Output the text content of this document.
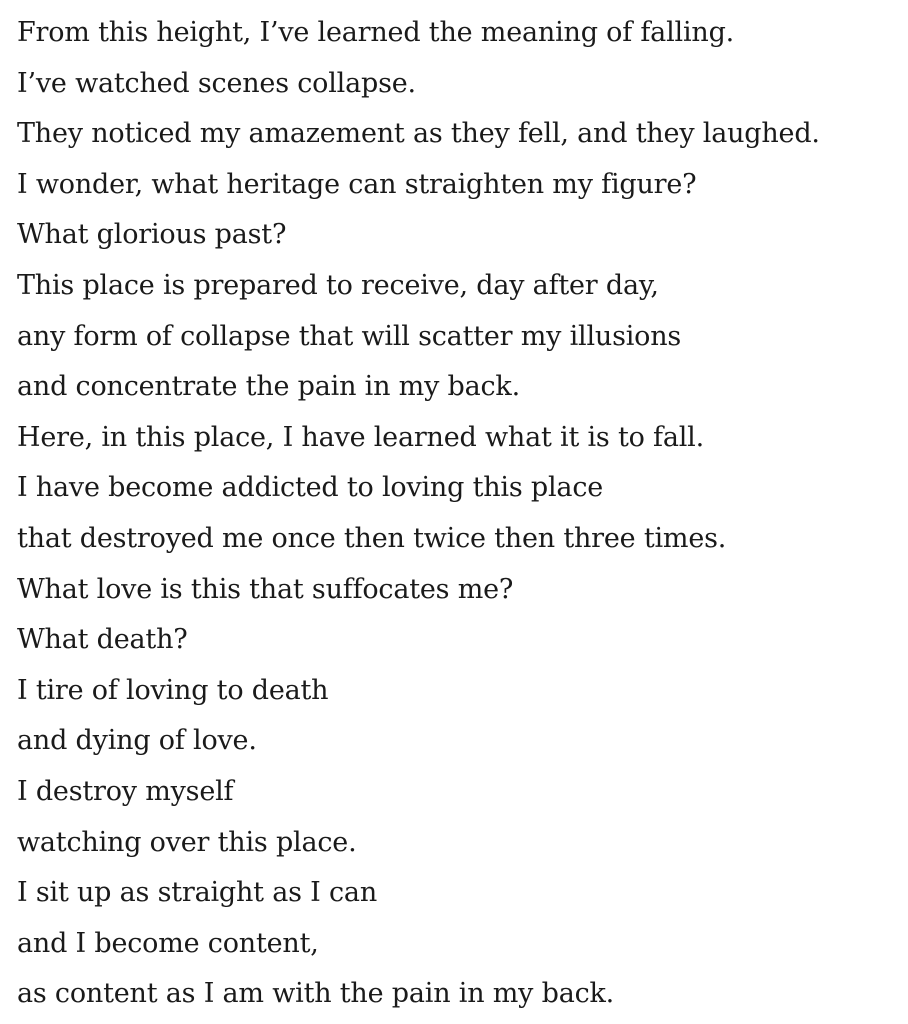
From this height, I’ve learned the meaning of falling.
I’ve watched scenes collapse.
They noticed my amazement as they fell, and they laughed.
I wonder, what heritage can straighten my figure?
What glorious past?
This place is prepared to receive, day after day,
any form of collapse that will scatter my illusions
and concentrate the pain in my back.
Here, in this place, I have learned what it is to fall.
I have become addicted to loving this place
that destroyed me once then twice then three times.
What love is this that suffocates me?
What death?
I tire of loving to death
and dying of love.
I destroy myself
watching over this place.
I sit up as straight as I can
and I become content,
as content as I am with the pain in my back.
